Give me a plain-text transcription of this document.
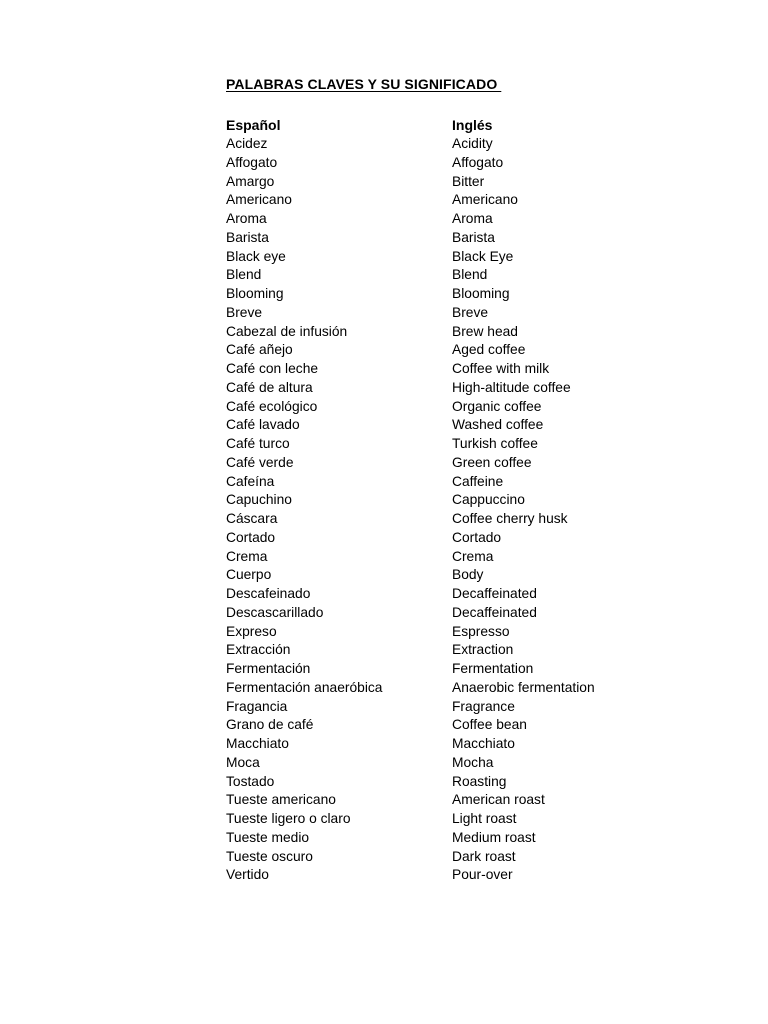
PALABRAS CLAVES Y SU SIGNIFICADO
Español
Acidez
Affogato
Amargo
Americano
Aroma
Barista
Black eye
Blend
Blooming
Breve
Cabezal de infusión
Café añejo
Café con leche
Café de altura
Café ecológico
Café lavado
Café turco
Café verde
Cafeína
Capuchino
Cáscara
Cortado
Crema
Cuerpo
Descafeinado
Descascarillado
Expreso
Extracción
Fermentación
Fermentación anaeróbica
Fragancia
Grano de café
Macchiato
Moca
Tostado
Tueste americano
Tueste ligero o claro
Tueste medio
Tueste oscuro
Vertido
Inglés
Acidity
Affogato
Bitter
Americano
Aroma
Barista
Black Eye
Blend
Blooming
Breve
Brew head
Aged coffee
Coffee with milk
High-altitude coffee
Organic coffee
Washed coffee
Turkish coffee
Green coffee
Caffeine
Cappuccino
Coffee cherry husk
Cortado
Crema
Body
Decaffeinated
Decaffeinated
Espresso
Extraction
Fermentation
Anaerobic fermentation
Fragrance
Coffee bean
Macchiato
Mocha
Roasting
American roast
Light roast
Medium roast
Dark roast
Pour-over
